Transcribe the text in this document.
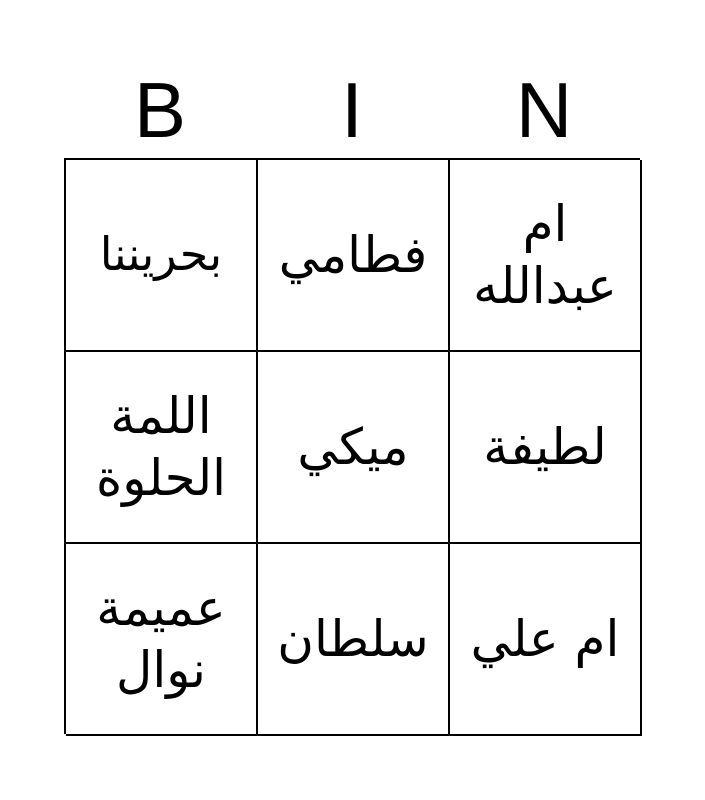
B	I	N
بحريننا فطامي
ام
عبدالله
اللمة
الحلوة
ميكي لطيفة
عميمة
نوال
سلطان ام علي
